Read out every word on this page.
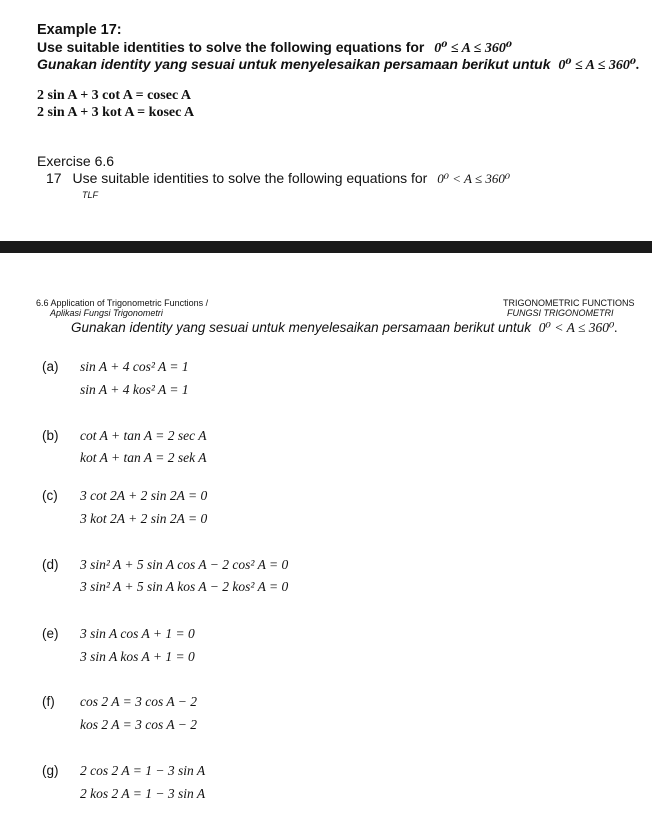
Example 17:
Use suitable identities to solve the following equations for 0⁰ ≤ A ≤ 360⁰
Gunakan identity yang sesuai untuk menyelesaikan persamaan berikut untuk 0⁰ ≤ A ≤ 360⁰.
2 sin A + 3 cot A = cosec A
2 sin A + 3 kot A = kosec A
Exercise 6.6
17 Use suitable identities to solve the following equations for 0⁰ < A ≤ 360⁰
TLF
6.6 Application of Trigonometric Functions /
Aplikasi Fungsi Trigonometri
TRIGONOMETRIC FUNCTIONS
FUNGSI TRIGONOMETRI
Gunakan identity yang sesuai untuk menyelesaikan persamaan berikut untuk 0⁰ < A ≤ 360⁰.
(a) sin A + 4 cos² A = 1
sin A + 4 kos² A = 1
(b) cot A + tan A = 2 sec A
kot A + tan A = 2 sek A
(c) 3 cot 2A + 2 sin 2A = 0
3 kot 2A + 2 sin 2A = 0
(d) 3 sin² A + 5 sin A cos A − 2 cos² A = 0
3 sin² A + 5 sin A kos A − 2 kos² A = 0
(e) 3 sin A cos A + 1 = 0
3 sin A kos A + 1 = 0
(f) cos 2 A = 3 cos A − 2
kos 2 A = 3 cos A − 2
(g) 2 cos 2 A = 1 − 3 sin A
2 kos 2 A = 1 − 3 sin A
